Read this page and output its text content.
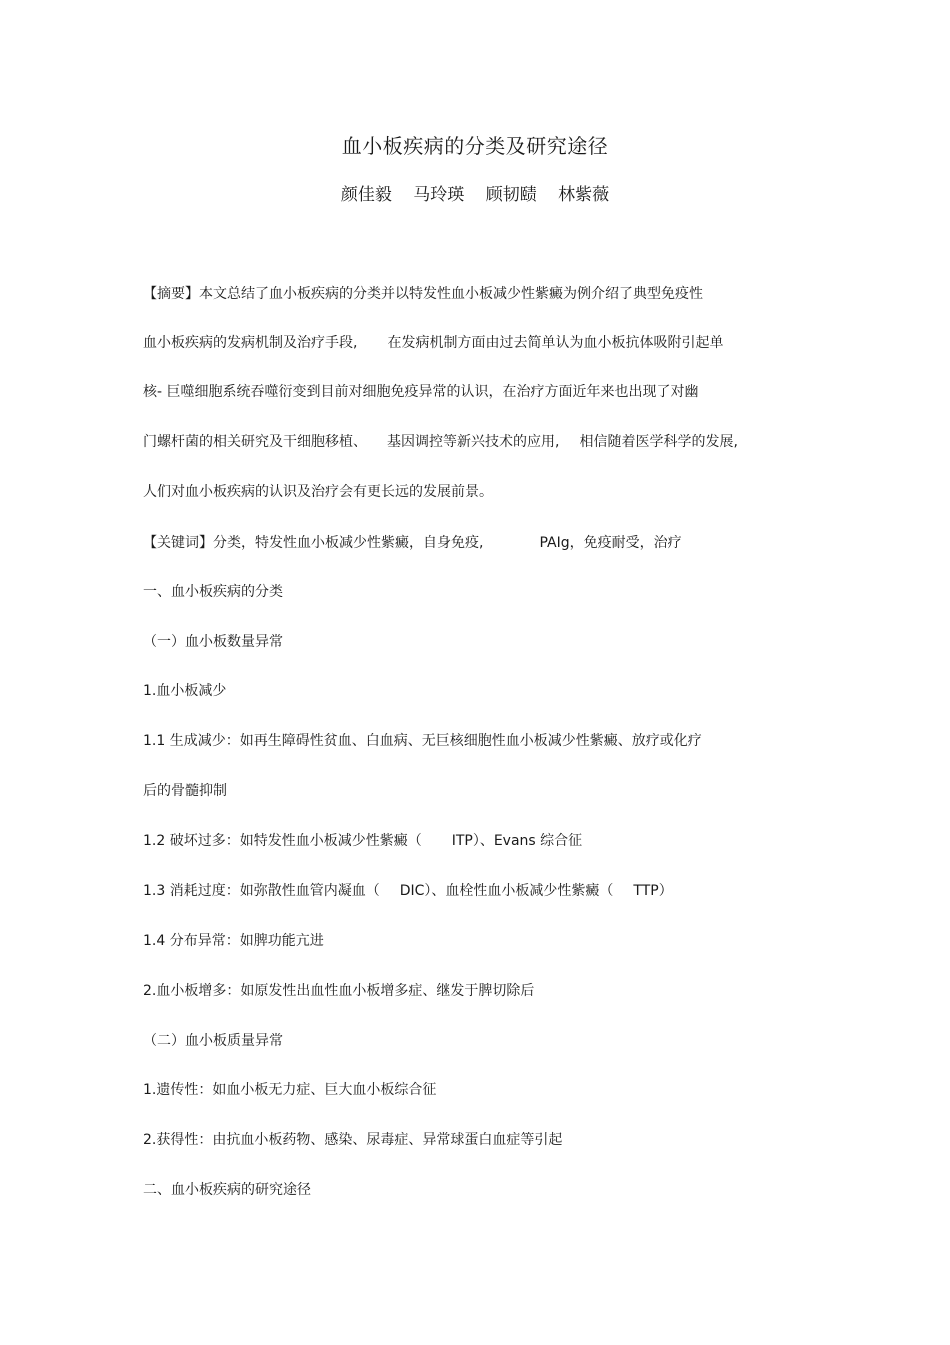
血小板疾病的分类及研究途径
颜佳毅 马玲瑛 顾韧赜 林紫薇
【摘要】本文总结了血小板疾病的分类并以特发性血小板减少性紫癜为例介绍了典型免疫性
血小板疾病的发病机制及治疗手段, 在发病机制方面由过去简单认为血小板抗体吸附引起单
核- 巨噬细胞系统吞噬衍变到目前对细胞免疫异常的认识，在治疗方面近年来也出现了对幽
门螺杆菌的相关研究及干细胞移植、 基因调控等新兴技术的应用, 相信随着医学科学的发展,
人们对血小板疾病的认识及治疗会有更长远的发展前景。
【关键词】分类，特发性血小板减少性紫癜，自身免疫,	PAIg，免疫耐受，治疗
一、血小板疾病的分类
（一）血小板数量异常
1.血小板减少
1.1 生成减少：如再生障碍性贫血、白血病、无巨核细胞性血小板减少性紫癜、放疗或化疗
后的骨髓抑制
1.2 破坏过多：如特发性血小板减少性紫癜（ ITP）、Evans 综合征
1.3 消耗过度：如弥散性血管内凝血（ DIC）、血栓性血小板减少性紫癜（ TTP）
1.4 分布异常：如脾功能亢进
2.血小板增多：如原发性出血性血小板增多症、继发于脾切除后
（二）血小板质量异常
1.遗传性：如血小板无力症、巨大血小板综合征
2.获得性：由抗血小板药物、感染、尿毒症、异常球蛋白血症等引起
二、血小板疾病的研究途径
